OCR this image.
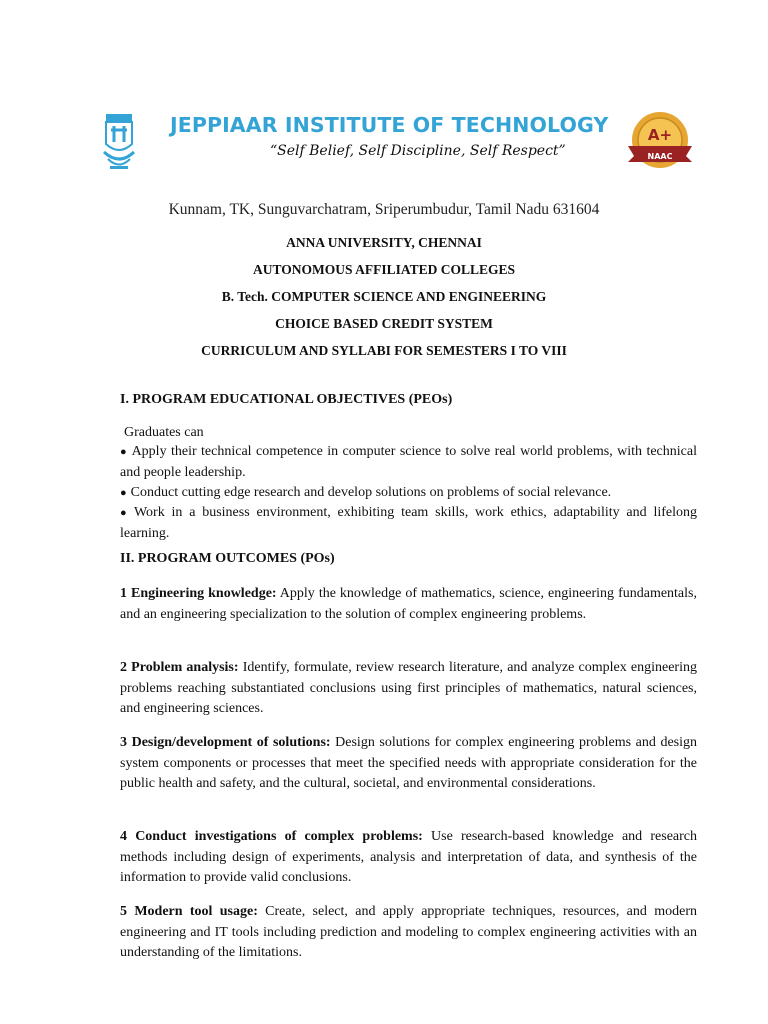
JEPPIAAR INSTITUTE OF TECHNOLOGY
“Self Belief, Self Discipline, Self Respect”
A+
NAAC
Kunnam, TK, Sunguvarchatram, Sriperumbudur, Tamil Nadu 631604
ANNA UNIVERSITY, CHENNAI
AUTONOMOUS AFFILIATED COLLEGES
B. Tech. COMPUTER SCIENCE AND ENGINEERING
CHOICE BASED CREDIT SYSTEM
CURRICULUM AND SYLLABI FOR SEMESTERS I TO VIII
I. PROGRAM EDUCATIONAL OBJECTIVES (PEOs)
Graduates can
● Apply their technical competence in computer science to solve real world problems, with technical and people leadership.
● Conduct cutting edge research and develop solutions on problems of social relevance.
● Work in a business environment, exhibiting team skills, work ethics, adaptability and lifelong learning.
II. PROGRAM OUTCOMES (POs)
1 Engineering knowledge: Apply the knowledge of mathematics, science, engineering fundamentals, and an engineering specialization to the solution of complex engineering problems.
2 Problem analysis: Identify, formulate, review research literature, and analyze complex engineering problems reaching substantiated conclusions using first principles of mathematics, natural sciences, and engineering sciences.
3 Design/development of solutions: Design solutions for complex engineering problems and design system components or processes that meet the specified needs with appropriate consideration for the public health and safety, and the cultural, societal, and environmental considerations.
4 Conduct investigations of complex problems: Use research-based knowledge and research methods including design of experiments, analysis and interpretation of data, and synthesis of the information to provide valid conclusions.
5 Modern tool usage: Create, select, and apply appropriate techniques, resources, and modern engineering and IT tools including prediction and modeling to complex engineering activities with an understanding of the limitations.
